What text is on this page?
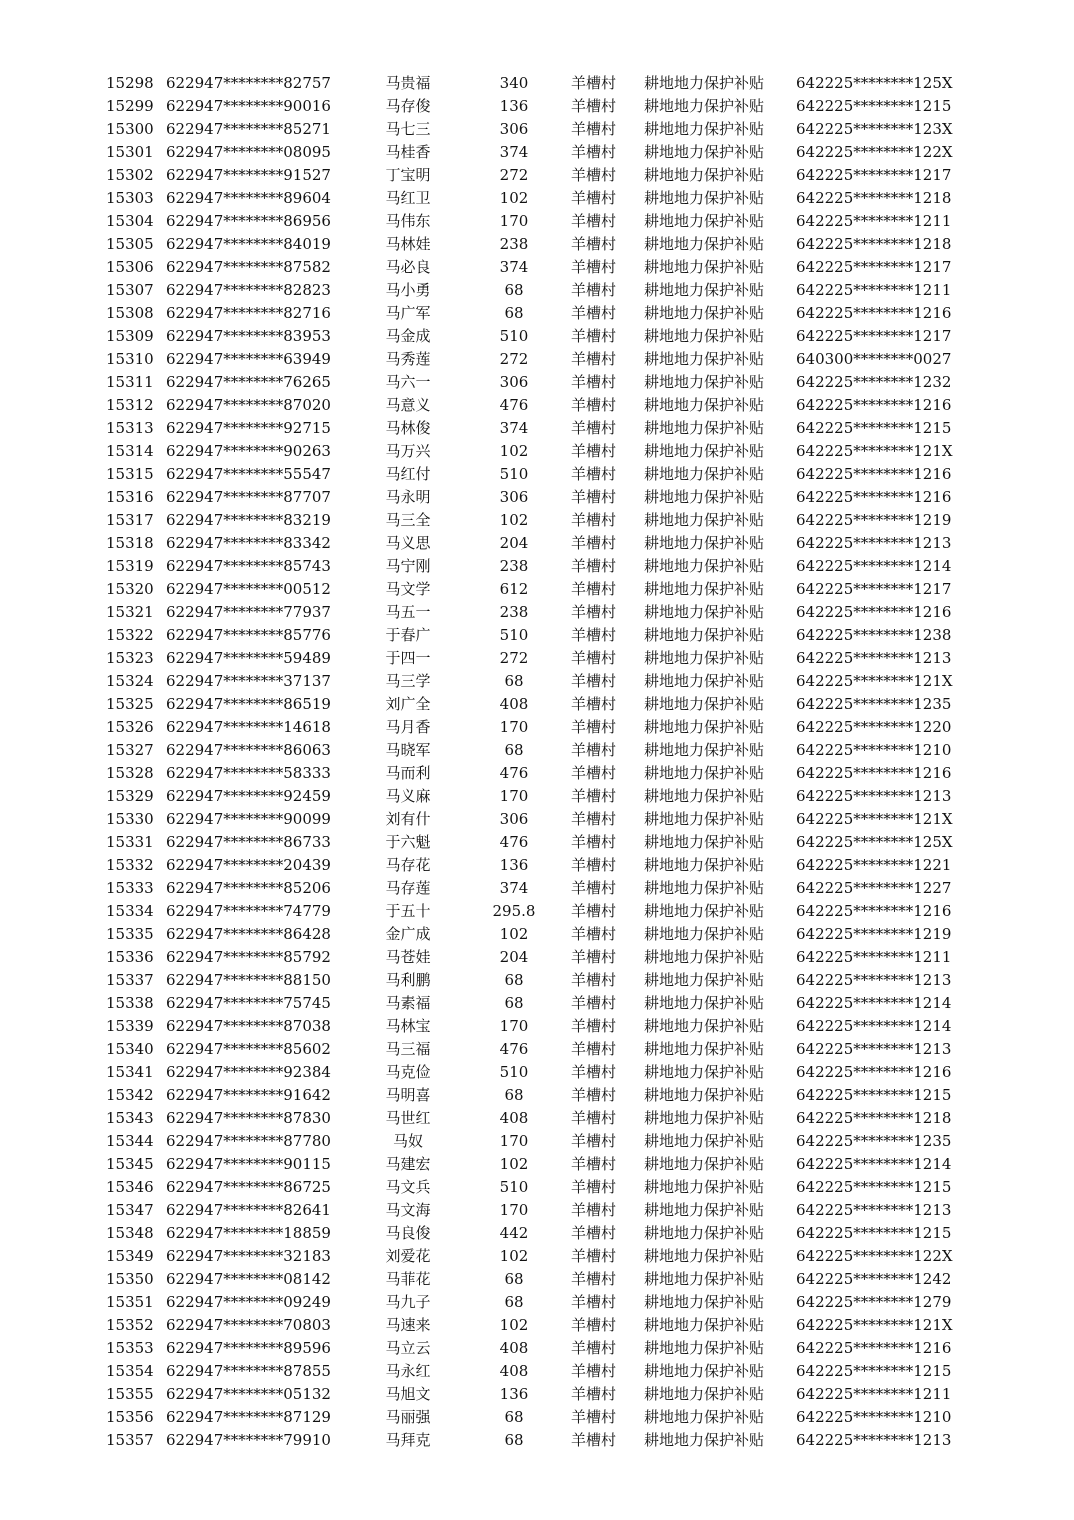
15298 622947********82757	马贵福	340	羊槽村	耕地地力保护补贴	642225********125X
15299 622947********90016	马存俊	136	羊槽村	耕地地力保护补贴	642225********1215
15300 622947********85271	马七三	306	羊槽村	耕地地力保护补贴	642225********123X
15301 622947********08095	马桂香	374	羊槽村	耕地地力保护补贴	642225********122X
15302 622947********91527	丁宝明	272	羊槽村	耕地地力保护补贴	642225********1217
15303 622947********89604	马红卫	102	羊槽村	耕地地力保护补贴	642225********1218
15304 622947********86956	马伟东	170	羊槽村	耕地地力保护补贴	642225********1211
15305 622947********84019	马林娃	238	羊槽村	耕地地力保护补贴	642225********1218
15306 622947********87582	马必良	374	羊槽村	耕地地力保护补贴	642225********1217
15307 622947********82823	马小勇	68	羊槽村	耕地地力保护补贴	642225********1211
15308 622947********82716	马广军	68	羊槽村	耕地地力保护补贴	642225********1216
15309 622947********83953	马金成	510	羊槽村	耕地地力保护补贴	642225********1217
15310 622947********63949	马秀莲	272	羊槽村	耕地地力保护补贴	640300********0027
15311 622947********76265	马六一	306	羊槽村	耕地地力保护补贴	642225********1232
15312 622947********87020	马意义	476	羊槽村	耕地地力保护补贴	642225********1216
15313 622947********92715	马林俊	374	羊槽村	耕地地力保护补贴	642225********1215
15314 622947********90263	马万兴	102	羊槽村	耕地地力保护补贴	642225********121X
15315 622947********55547	马红付	510	羊槽村	耕地地力保护补贴	642225********1216
15316 622947********87707	马永明	306	羊槽村	耕地地力保护补贴	642225********1216
15317 622947********83219	马三全	102	羊槽村	耕地地力保护补贴	642225********1219
15318 622947********83342	马义思	204	羊槽村	耕地地力保护补贴	642225********1213
15319 622947********85743	马宁刚	238	羊槽村	耕地地力保护补贴	642225********1214
15320 622947********00512	马文学	612	羊槽村	耕地地力保护补贴	642225********1217
15321 622947********77937	马五一	238	羊槽村	耕地地力保护补贴	642225********1216
15322 622947********85776	于春广	510	羊槽村	耕地地力保护补贴	642225********1238
15323 622947********59489	于四一	272	羊槽村	耕地地力保护补贴	642225********1213
15324 622947********37137	马三学	68	羊槽村	耕地地力保护补贴	642225********121X
15325 622947********86519	刘广全	408	羊槽村	耕地地力保护补贴	642225********1235
15326 622947********14618	马月香	170	羊槽村	耕地地力保护补贴	642225********1220
15327 622947********86063	马晓军	68	羊槽村	耕地地力保护补贴	642225********1210
15328 622947********58333	马而利	476	羊槽村	耕地地力保护补贴	642225********1216
15329 622947********92459	马义麻	170	羊槽村	耕地地力保护补贴	642225********1213
15330 622947********90099	刘有什	306	羊槽村	耕地地力保护补贴	642225********121X
15331 622947********86733	于六魁	476	羊槽村	耕地地力保护补贴	642225********125X
15332 622947********20439	马存花	136	羊槽村	耕地地力保护补贴	642225********1221
15333 622947********85206	马存莲	374	羊槽村	耕地地力保护补贴	642225********1227
15334 622947********74779	于五十	295.8	羊槽村	耕地地力保护补贴	642225********1216
15335 622947********86428	金广成	102	羊槽村	耕地地力保护补贴	642225********1219
15336 622947********85792	马苍娃	204	羊槽村	耕地地力保护补贴	642225********1211
15337 622947********88150	马利鹏	68	羊槽村	耕地地力保护补贴	642225********1213
15338 622947********75745	马素福	68	羊槽村	耕地地力保护补贴	642225********1214
15339 622947********87038	马林宝	170	羊槽村	耕地地力保护补贴	642225********1214
15340 622947********85602	马三福	476	羊槽村	耕地地力保护补贴	642225********1213
15341 622947********92384	马克俭	510	羊槽村	耕地地力保护补贴	642225********1216
15342 622947********91642	马明喜	68	羊槽村	耕地地力保护补贴	642225********1215
15343 622947********87830	马世红	408	羊槽村	耕地地力保护补贴	642225********1218
15344 622947********87780	马奴	170	羊槽村	耕地地力保护补贴	642225********1235
15345 622947********90115	马建宏	102	羊槽村	耕地地力保护补贴	642225********1214
15346 622947********86725	马文兵	510	羊槽村	耕地地力保护补贴	642225********1215
15347 622947********82641	马文海	170	羊槽村	耕地地力保护补贴	642225********1213
15348 622947********18859	马良俊	442	羊槽村	耕地地力保护补贴	642225********1215
15349 622947********32183	刘爱花	102	羊槽村	耕地地力保护补贴	642225********122X
15350 622947********08142	马菲花	68	羊槽村	耕地地力保护补贴	642225********1242
15351 622947********09249	马九子	68	羊槽村	耕地地力保护补贴	642225********1279
15352 622947********70803	马速来	102	羊槽村	耕地地力保护补贴	642225********121X
15353 622947********89596	马立云	408	羊槽村	耕地地力保护补贴	642225********1216
15354 622947********87855	马永红	408	羊槽村	耕地地力保护补贴	642225********1215
15355 622947********05132	马旭文	136	羊槽村	耕地地力保护补贴	642225********1211
15356 622947********87129	马丽强	68	羊槽村	耕地地力保护补贴	642225********1210
15357 622947********79910	马拜克	68	羊槽村	耕地地力保护补贴	642225********1213
